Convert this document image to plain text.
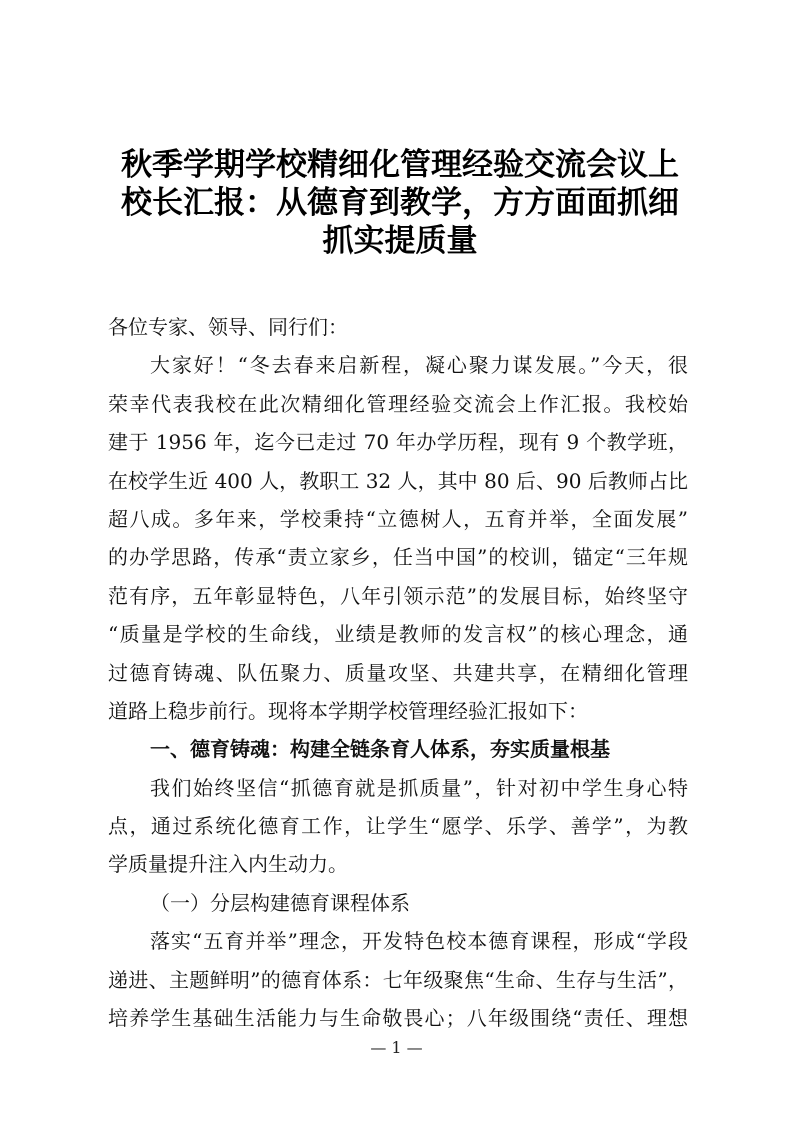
秋季学期学校精细化管理经验交流会议上
校长汇报：从德育到教学，方方面面抓细
抓实提质量
各位专家、领导、同行们：
大家好！“冬去春来启新程，凝心聚力谋发展。”今天，很
荣幸代表我校在此次精细化管理经验交流会上作汇报。我校始
建于 1956 年，迄今已走过 70 年办学历程，现有 9 个教学班，
在校学生近 400 人，教职工 32 人，其中 80 后、90 后教师占比
超八成。多年来，学校秉持“立德树人，五育并举，全面发展”
的办学思路，传承“责立家乡，任当中国”的校训，锚定“三年规
范有序，五年彰显特色，八年引领示范”的发展目标，始终坚守
“质量是学校的生命线，业绩是教师的发言权”的核心理念，通
过德育铸魂、队伍聚力、质量攻坚、共建共享，在精细化管理
道路上稳步前行。现将本学期学校管理经验汇报如下：
一、德育铸魂：构建全链条育人体系，夯实质量根基
我们始终坚信“抓德育就是抓质量”，针对初中学生身心特
点，通过系统化德育工作，让学生“愿学、乐学、善学”，为教
学质量提升注入内生动力。
（一）分层构建德育课程体系
落实“五育并举”理念，开发特色校本德育课程，形成“学段
递进、主题鲜明”的德育体系：七年级聚焦“生命、生存与生活”，
培养学生基础生活能力与生命敬畏心；八年级围绕“责任、理想
— 1 —
